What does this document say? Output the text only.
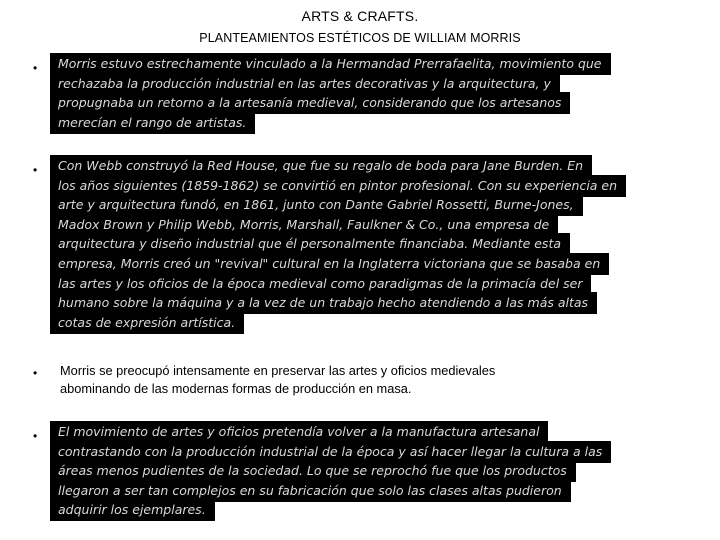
ARTS & CRAFTS.
PLANTEAMIENTOS ESTÉTICOS DE WILLIAM MORRIS
•	Morris estuvo estrechamente vinculado a la Hermandad Prerrafaelita, movimiento que
rechazaba la producción industrial en las artes decorativas y la arquitectura, y
propugnaba un retorno a la artesanía medieval, considerando que los artesanos
merecían el rango de artistas.

•	Con Webb construyó la Red House, que fue su regalo de boda para Jane Burden. En
los años siguientes (1859-1862) se convirtió en pintor profesional. Con su experiencia en
arte y arquitectura fundó, en 1861, junto con Dante Gabriel Rossetti, Burne-Jones,
Madox Brown y Philip Webb, Morris, Marshall, Faulkner & Co., una empresa de
arquitectura y diseño industrial que él personalmente financiaba. Mediante esta
empresa, Morris creó un "revival" cultural en la Inglaterra victoriana que se basaba en
las artes y los oficios de la época medieval como paradigmas de la primacía del ser
humano sobre la máquina y a la vez de un trabajo hecho atendiendo a las más altas
cotas de expresión artística.

• Morris se preocupó intensamente en preservar las artes y oficios medievales
abominando de las modernas formas de producción en masa.

•	El movimiento de artes y oficios pretendía volver a la manufactura artesanal
contrastando con la producción industrial de la época y así hacer llegar la cultura a las
áreas menos pudientes de la sociedad. Lo que se reprochó fue que los productos
llegaron a ser tan complejos en su fabricación que solo las clases altas pudieron
adquirir los ejemplares.
